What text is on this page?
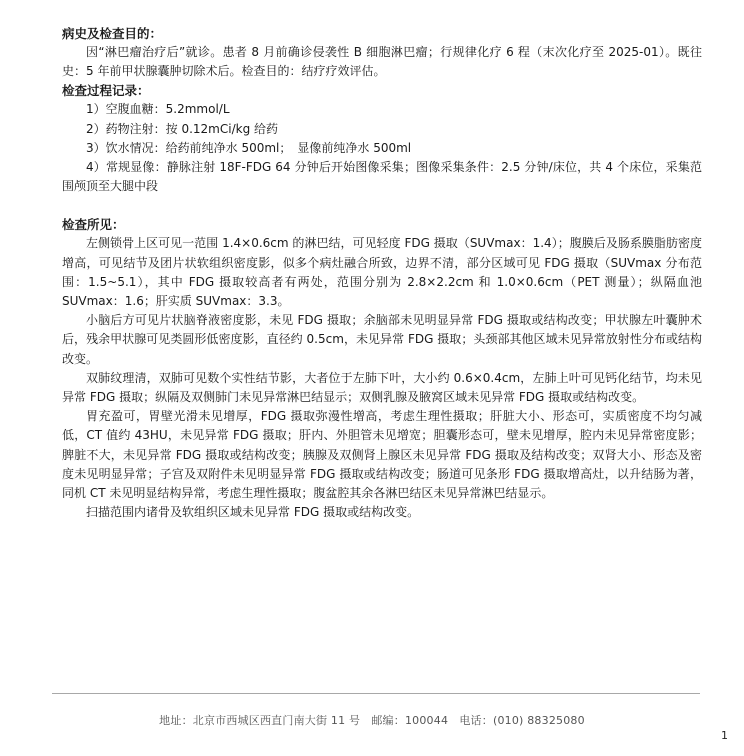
病史及检查目的：

因“淋巴瘤治疗后”就诊。患者 8 月前确诊侵袭性 B 细胞淋巴瘤；行规律化疗 6 程（末次化疗至 2025-01）。既往史：5 年前甲状腺囊肿切除术后。检查目的：结疗疗效评估。

检查过程记录：

1）空腹血糖：5.2mmol/L

2）药物注射：按 0.12mCi/kg 给药

3）饮水情况：给药前纯净水 500ml；　显像前纯净水 500ml

4）常规显像：静脉注射 18F-FDG 64 分钟后开始图像采集；图像采集条件：2.5 分钟/床位，共 4 个床位，采集范围颅顶至大腿中段

检查所见：

左侧锁骨上区可见一范围 1.4×0.6cm 的淋巴结，可见轻度 FDG 摄取（SUVmax：1.4）；腹膜后及肠系膜脂肪密度增高，可见结节及团片状软组织密度影，似多个病灶融合所致，边界不清，部分区域可见 FDG 摄取（SUVmax 分布范围：1.5~5.1），其中 FDG 摄取较高者有两处，范围分别为 2.8×2.2cm 和 1.0×0.6cm（PET 测量）；纵隔血池 SUVmax：1.6；肝实质 SUVmax：3.3。

小脑后方可见片状脑脊液密度影，未见 FDG 摄取；余脑部未见明显异常 FDG 摄取或结构改变；甲状腺左叶囊肿术后，残余甲状腺可见类圆形低密度影，直径约 0.5cm，未见异常 FDG 摄取；头颈部其他区域未见异常放射性分布或结构改变。

双肺纹理清，双肺可见数个实性结节影，大者位于左肺下叶，大小约 0.6×0.4cm，左肺上叶可见钙化结节，均未见异常 FDG 摄取；纵隔及双侧肺门未见异常淋巴结显示；双侧乳腺及腋窝区域未见异常 FDG 摄取或结构改变。

胃充盈可，胃壁光滑未见增厚，FDG 摄取弥漫性增高，考虑生理性摄取；肝脏大小、形态可，实质密度不均匀减低，CT 值约 43HU，未见异常 FDG 摄取；肝内、外胆管未见增宽；胆囊形态可，壁未见增厚，腔内未见异常密度影；脾脏不大，未见异常 FDG 摄取或结构改变；胰腺及双侧肾上腺区未见异常 FDG 摄取及结构改变；双肾大小、形态及密度未见明显异常；子宫及双附件未见明显异常 FDG 摄取或结构改变；肠道可见条形 FDG 摄取增高灶，以升结肠为著，同机 CT 未见明显结构异常，考虑生理性摄取；腹盆腔其余各淋巴结区未见异常淋巴结显示。

扫描范围内诸骨及软组织区域未见异常 FDG 摄取或结构改变。

地址：北京市西城区西直门南大街 11 号　邮编：100044　电话：(010) 88325080
1
